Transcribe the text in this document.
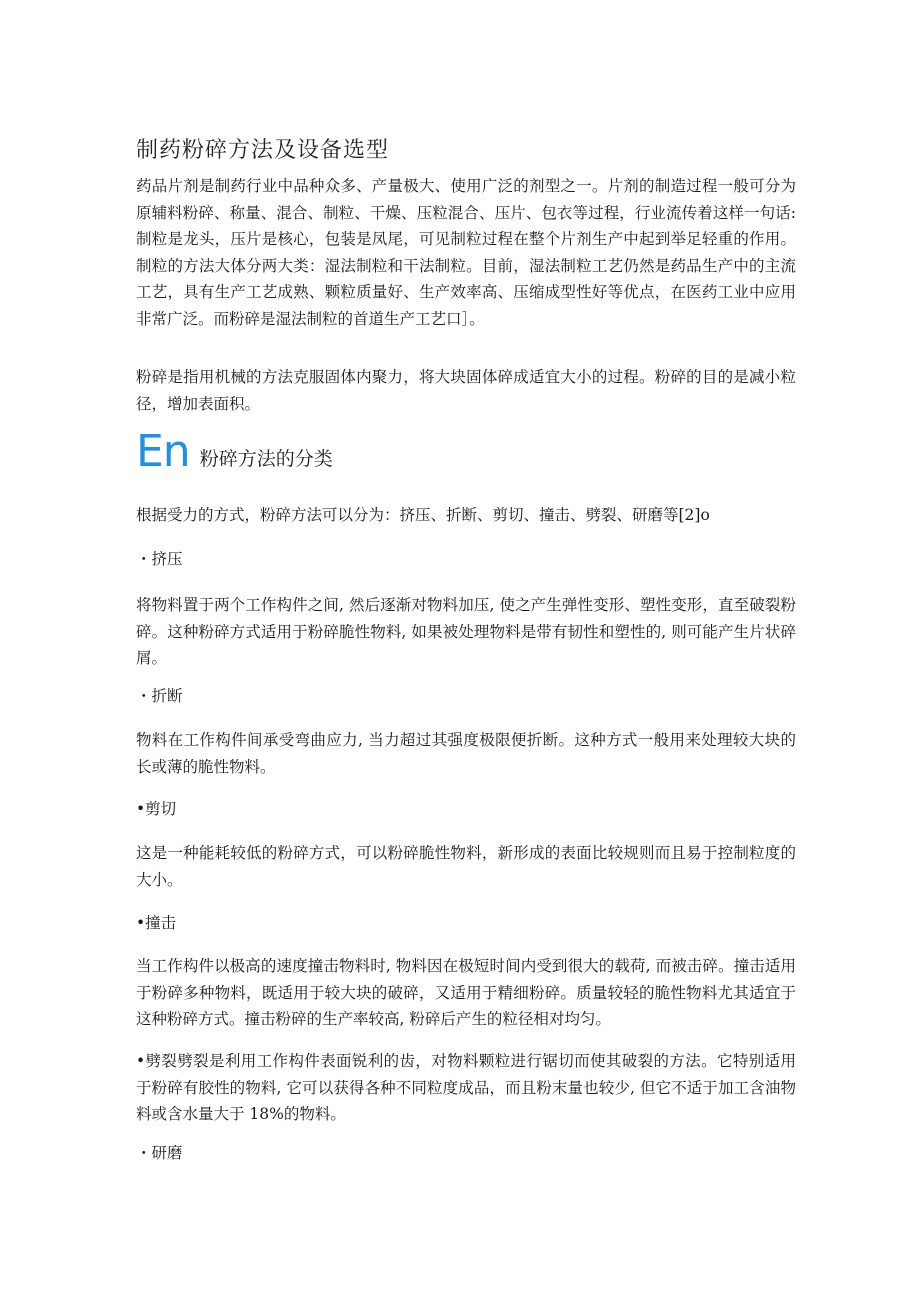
制药粉碎方法及设备选型

药品片剂是制药行业中品种众多、产量极大、使用广泛的剂型之一。片剂的制造过程一般可分为原辅料粉碎、称量、混合、制粒、干燥、压粒混合、压片、包衣等过程，行业流传着这样一句话:制粒是龙头，压片是核心，包装是凤尾，可见制粒过程在整个片剂生产中起到举足轻重的作用。制粒的方法大体分两大类：湿法制粒和干法制粒。目前，湿法制粒工艺仍然是药品生产中的主流工艺，具有生产工艺成熟、颗粒质量好、生产效率高、压缩成型性好等优点，在医药工业中应用非常广泛。而粉碎是湿法制粒的首道生产工艺口］。

粉碎是指用机械的方法克服固体内聚力，将大块固体碎成适宜大小的过程。粉碎的目的是减小粒径，增加表面积。

En 粉碎方法的分类

根据受力的方式，粉碎方法可以分为：挤压、折断、剪切、撞击、劈裂、研磨等[2]o

・挤压

将物料置于两个工作构件之间, 然后逐渐对物料加压, 使之产生弹性变形、塑性变形，直至破裂粉碎。这种粉碎方式适用于粉碎脆性物料, 如果被处理物料是带有韧性和塑性的, 则可能产生片状碎屑。

・折断

物料在工作构件间承受弯曲应力, 当力超过其强度极限便折断。这种方式一般用来处理较大块的长或薄的脆性物料。

•剪切

这是一种能耗较低的粉碎方式，可以粉碎脆性物料，新形成的表面比较规则而且易于控制粒度的大小。

•撞击

当工作构件以极高的速度撞击物料时, 物料因在极短时间内受到很大的载荷, 而被击碎。撞击适用于粉碎多种物料，既适用于较大块的破碎，又适用于精细粉碎。质量较轻的脆性物料尤其适宜于这种粉碎方式。撞击粉碎的生产率较高, 粉碎后产生的粒径相对均匀。

•劈裂劈裂是利用工作构件表面锐利的齿，对物料颗粒进行锯切而使其破裂的方法。它特别适用于粉碎有胶性的物料, 它可以获得各种不同粒度成品，而且粉末量也较少, 但它不适于加工含油物料或含水量大于 18%的物料。

・研磨
